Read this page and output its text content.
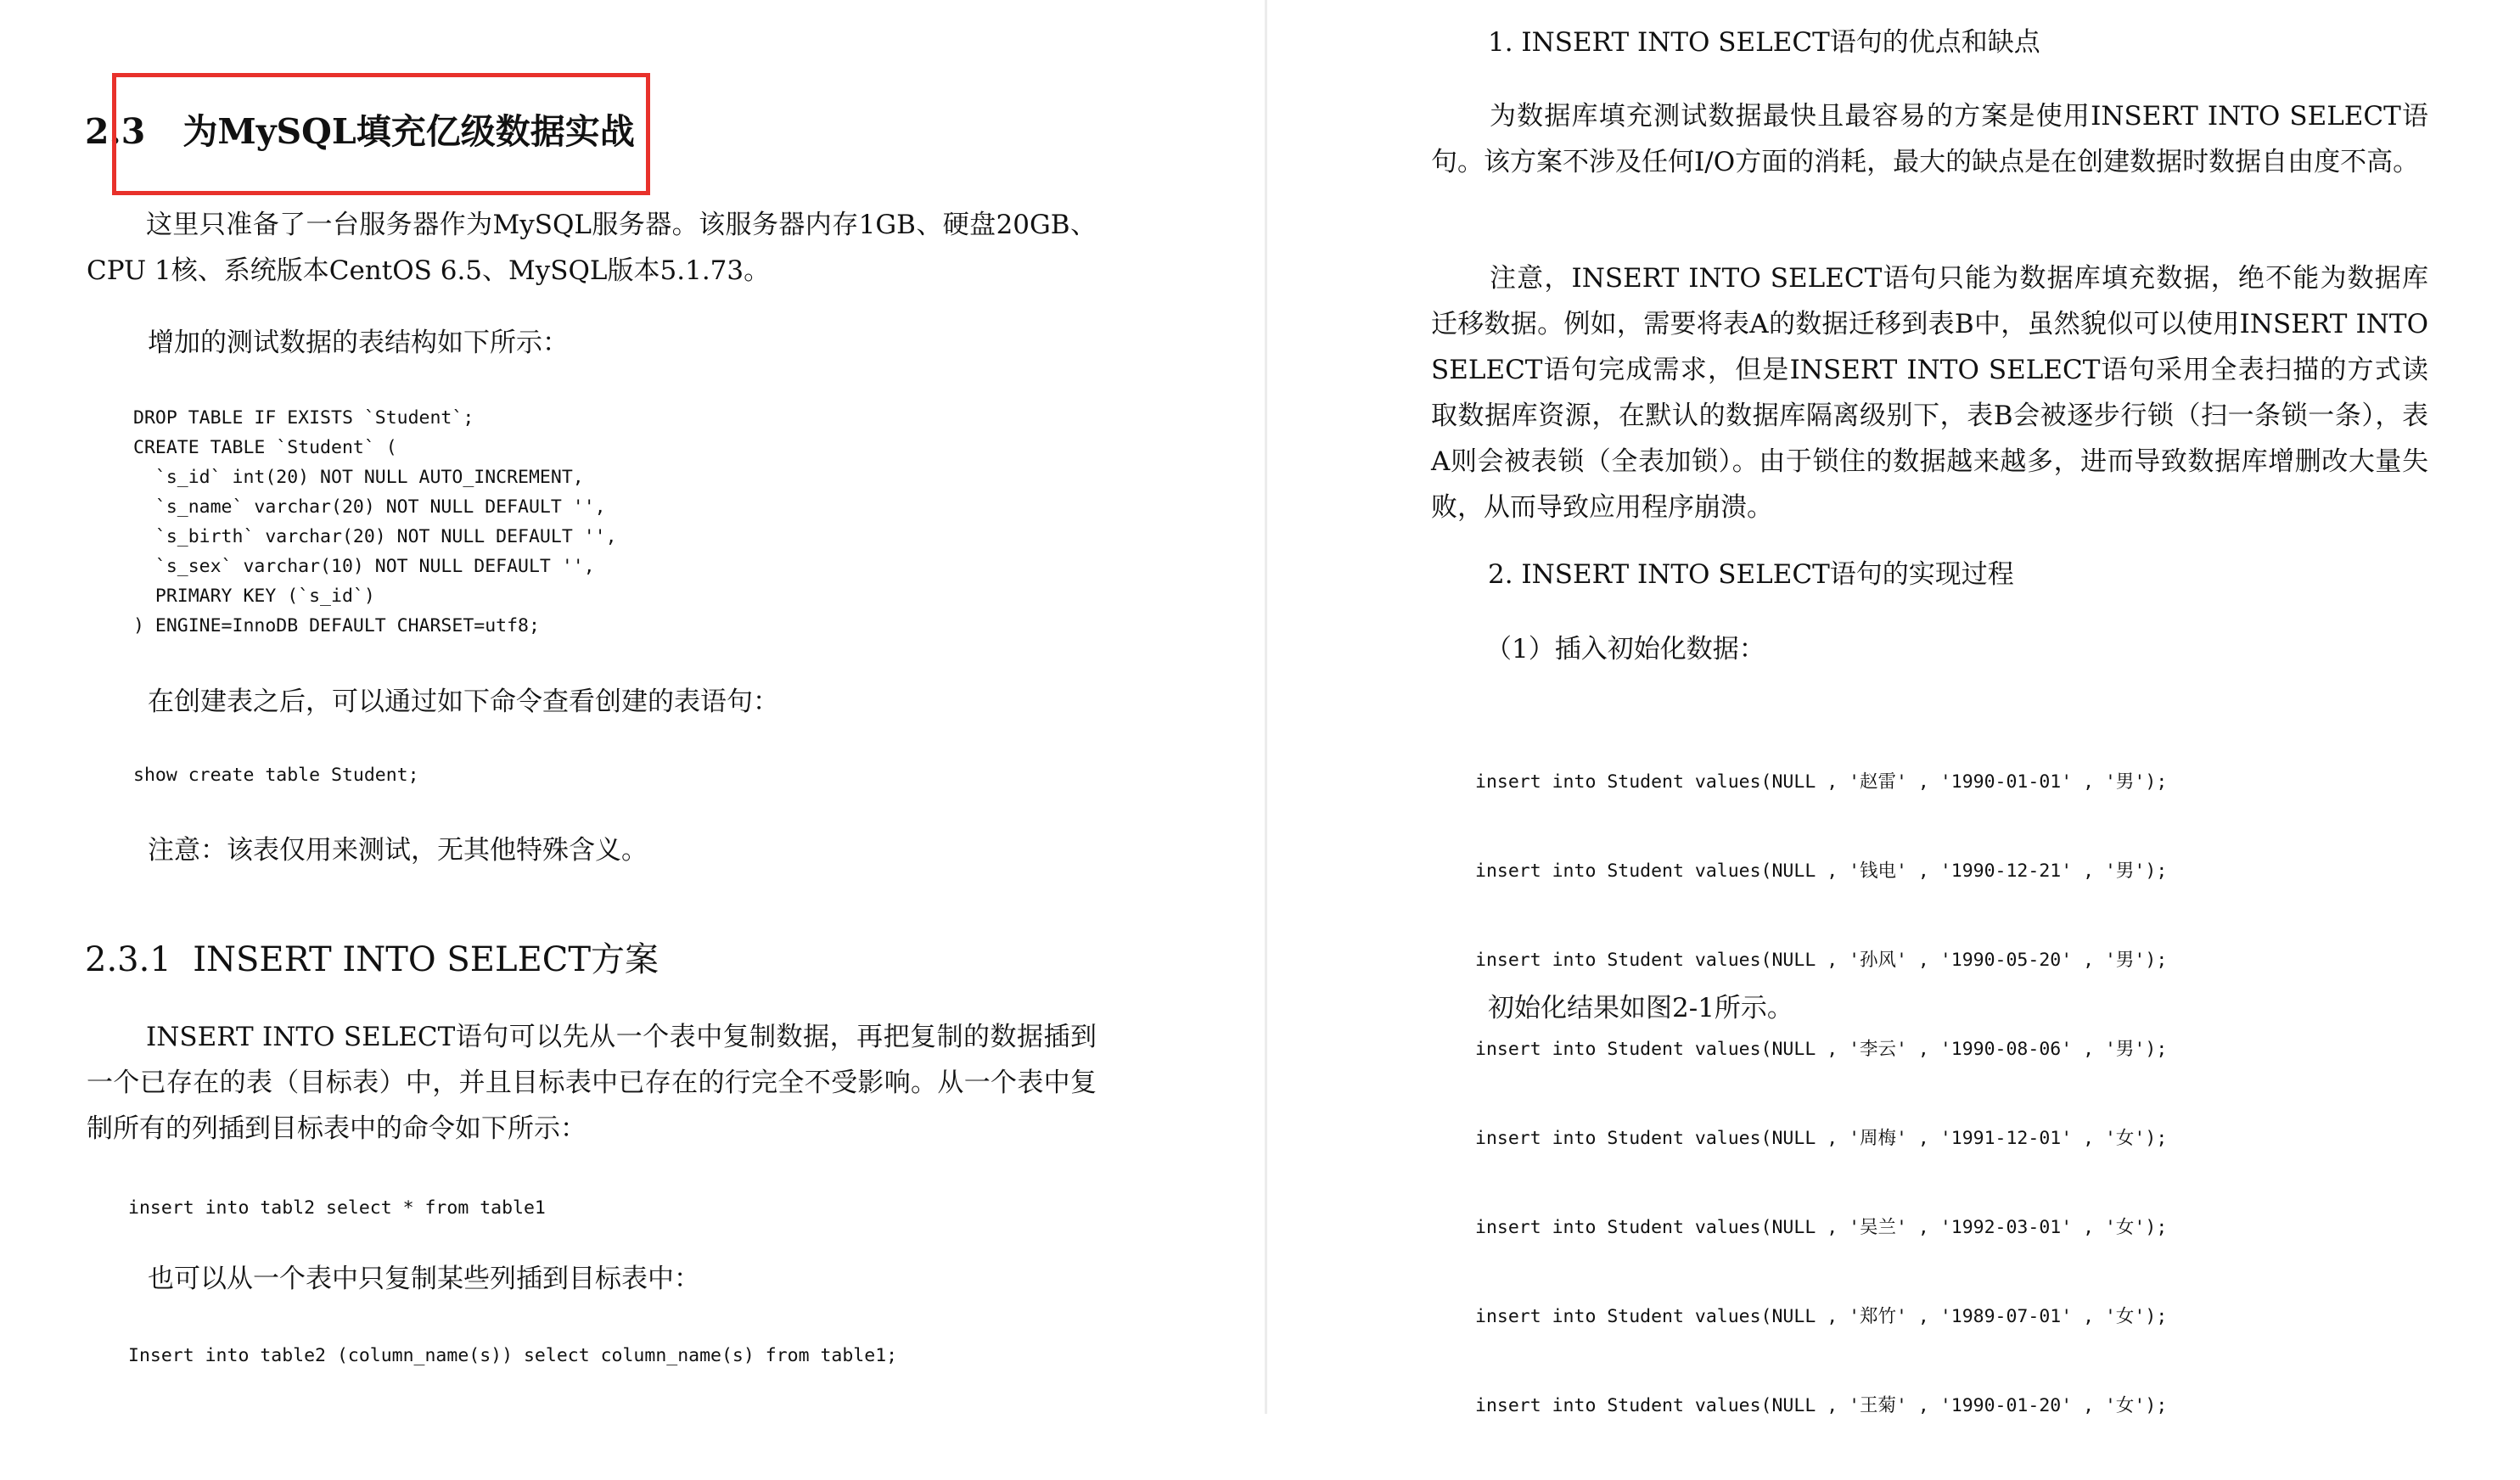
2.3 为MySQL填充亿级数据实战

这里只准备了一台服务器作为MySQL服务器。该服务器内存1GB、硬盘20GB、CPU 1核、系统版本CentOS 6.5、MySQL版本5.1.73。

增加的测试数据的表结构如下所示：

DROP TABLE IF EXISTS `Student`;
CREATE TABLE `Student` (
`s_id` int(20) NOT NULL AUTO_INCREMENT,
`s_name` varchar(20) NOT NULL DEFAULT '',
`s_birth` varchar(20) NOT NULL DEFAULT '',
`s_sex` varchar(10) NOT NULL DEFAULT '',
PRIMARY KEY (`s_id`)
) ENGINE=InnoDB DEFAULT CHARSET=utf8;

在创建表之后，可以通过如下命令查看创建的表语句：

show create table Student;

注意：该表仅用来测试，无其他特殊含义。

2.3.1  INSERT INTO SELECT方案

INSERT INTO SELECT语句可以先从一个表中复制数据，再把复制的数据插到一个已存在的表（目标表）中，并且目标表中已存在的行完全不受影响。从一个表中复制所有的列插到目标表中的命令如下所示：

insert into tabl2 select * from table1

也可以从一个表中只复制某些列插到目标表中：

Insert into table2 (column_name(s)) select column_name(s) from table1;

1. INSERT INTO SELECT语句的优点和缺点

为数据库填充测试数据最快且最容易的方案是使用INSERT INTO SELECT语句。该方案不涉及任何I/O方面的消耗，最大的缺点是在创建数据时数据自由度不高。

注意，INSERT INTO SELECT语句只能为数据库填充数据，绝不能为数据库迁移数据。例如，需要将表A的数据迁移到表B中，虽然貌似可以使用INSERT INTO SELECT语句完成需求，但是INSERT INTO SELECT语句采用全表扫描的方式读取数据库资源，在默认的数据库隔离级别下，表B会被逐步行锁（扫一条锁一条），表A则会被表锁（全表加锁）。由于锁住的数据越来越多，进而导致数据库增删改大量失败，从而导致应用程序崩溃。

2. INSERT INTO SELECT语句的实现过程

（1）插入初始化数据：

insert into Student values(NULL , '赵雷' , '1990-01-01' , '男');

insert into Student values(NULL , '钱电' , '1990-12-21' , '男');

insert into Student values(NULL , '孙风' , '1990-05-20' , '男');

insert into Student values(NULL , '李云' , '1990-08-06' , '男');

insert into Student values(NULL , '周梅' , '1991-12-01' , '女');

insert into Student values(NULL , '吴兰' , '1992-03-01' , '女');

insert into Student values(NULL , '郑竹' , '1989-07-01' , '女');

insert into Student values(NULL , '王菊' , '1990-01-20' , '女');

初始化结果如图2-1所示。
